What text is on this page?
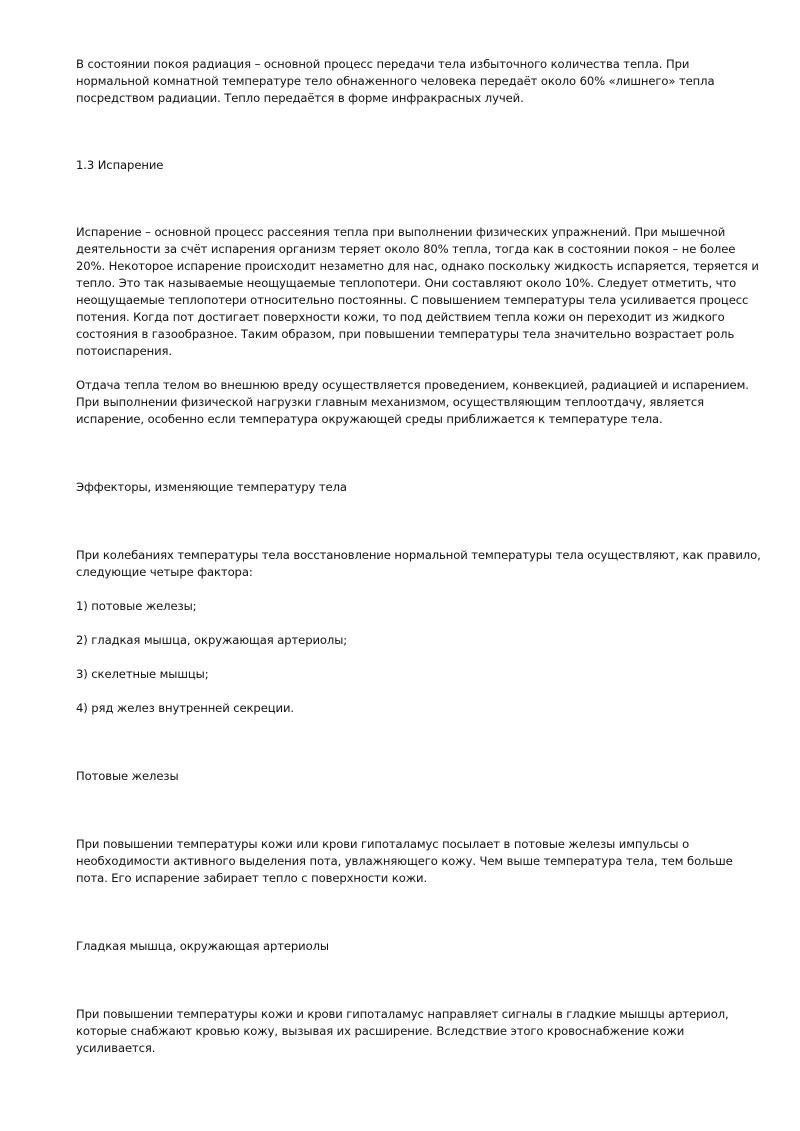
В состоянии покоя радиация – основной процесс передачи тела избыточного количества тепла. При нормальной комнатной температуре тело обнаженного человека передаёт около 60% «лишнего» тепла посредством радиации. Тепло передаётся в форме инфракрасных лучей.

1.3 Испарение

Испарение – основной процесс рассеяния тепла при выполнении физических упражнений. При мышечной деятельности за счёт испарения организм теряет около 80% тепла, тогда как в состоянии покоя – не более 20%. Некоторое испарение происходит незаметно для нас, однако поскольку жидкость испаряется, теряется и тепло. Это так называемые неощущаемые теплопотери. Они составляют около 10%. Следует отметить, что неощущаемые теплопотери относительно постоянны. С повышением температуры тела усиливается процесс потения. Когда пот достигает поверхности кожи, то под действием тепла кожи он переходит из жидкого состояния в газообразное. Таким образом, при повышении температуры тела значительно возрастает роль потоиспарения.

Отдача тепла телом во внешнюю вреду осуществляется проведением, конвекцией, радиацией и испарением. При выполнении физической нагрузки главным механизмом, осуществляющим теплоотдачу, является испарение, особенно если температура окружающей среды приближается к температуре тела.

Эффекторы, изменяющие температуру тела

При колебаниях температуры тела восстановление нормальной температуры тела осуществляют, как правило, следующие четыре фактора:

1) потовые железы;

2) гладкая мышца, окружающая артериолы;

3) скелетные мышцы;

4) ряд желез внутренней секреции.

Потовые железы

При повышении температуры кожи или крови гипоталамус посылает в потовые железы импульсы о необходимости активного выделения пота, увлажняющего кожу. Чем выше температура тела, тем больше пота. Его испарение забирает тепло с поверхности кожи.

Гладкая мышца, окружающая артериолы

При повышении температуры кожи и крови гипоталамус направляет сигналы в гладкие мышцы артериол, которые снабжают кровью кожу, вызывая их расширение. Вследствие этого кровоснабжение кожи усиливается.
